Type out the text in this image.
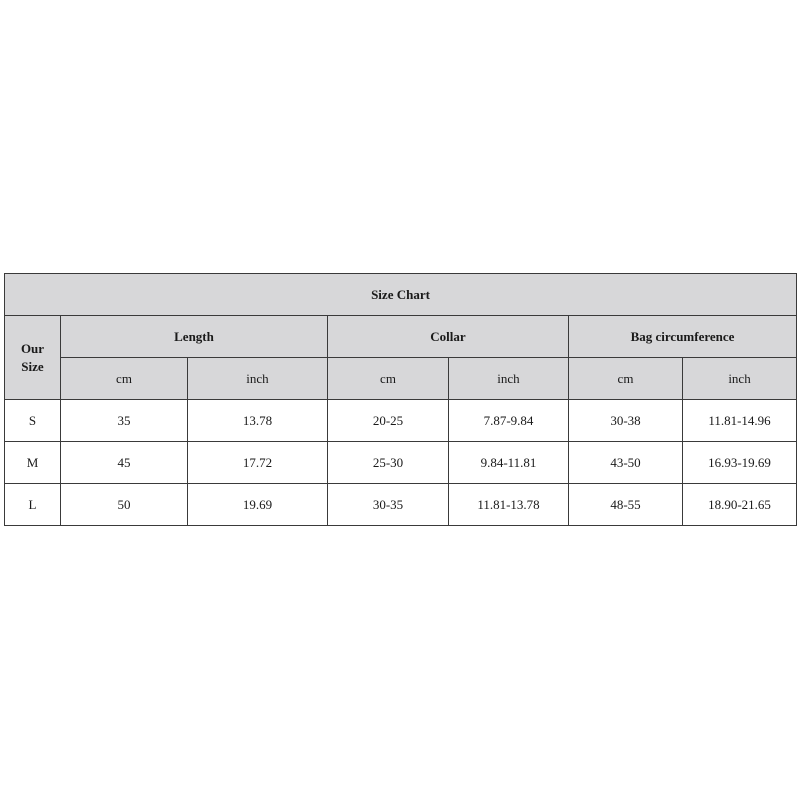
Size Chart						
Our
Size	Length		Collar		Bag circumference	
	cm	inch	cm	inch	cm	inch
S	35	13.78	20-25	7.87-9.84	30-38	11.81-14.96
M	45	17.72	25-30	9.84-11.81	43-50	16.93-19.69
L	50	19.69	30-35	11.81-13.78	48-55	18.90-21.65
